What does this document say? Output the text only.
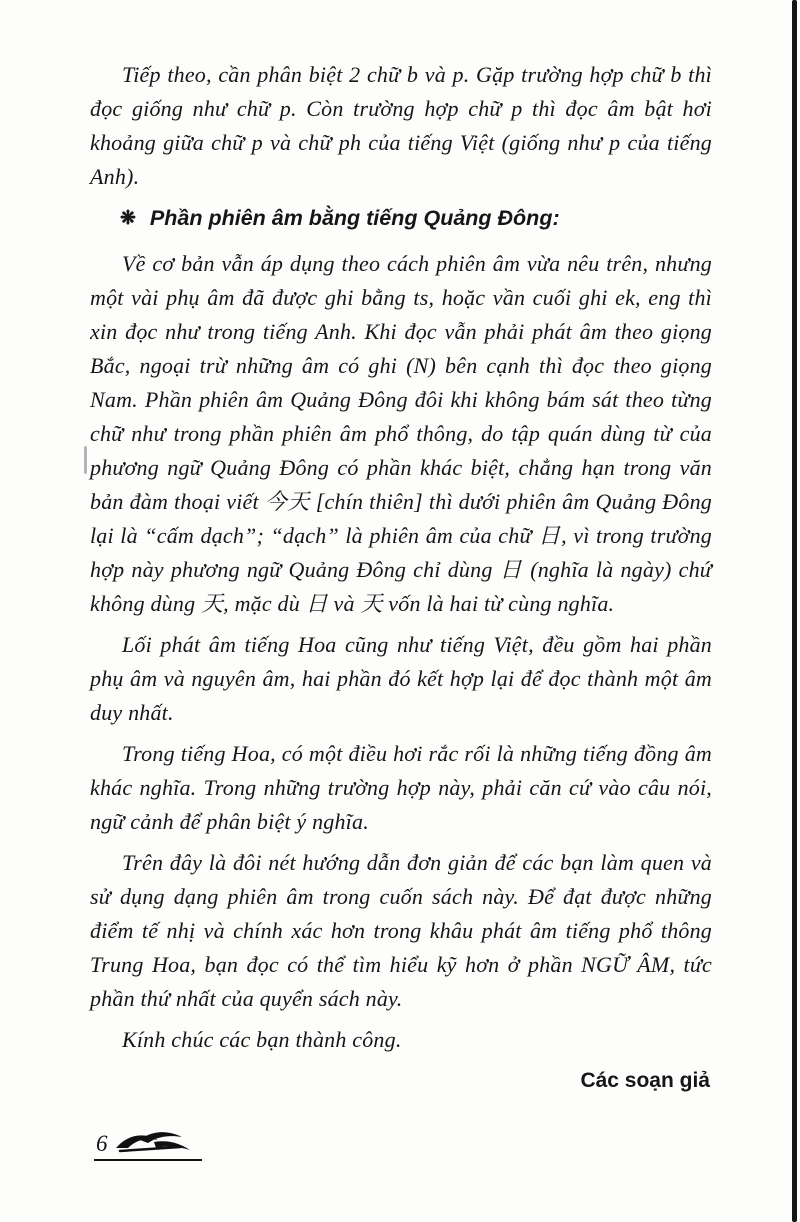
Tiếp theo, cần phân biệt 2 chữ b và p. Gặp trường hợp chữ b thì đọc giống như chữ p. Còn trường hợp chữ p thì đọc âm bật hơi khoảng giữa chữ p và chữ ph của tiếng Việt (giống như p của tiếng Anh).

❋ Phần phiên âm bằng tiếng Quảng Đông:

Về cơ bản vẫn áp dụng theo cách phiên âm vừa nêu trên, nhưng một vài phụ âm đã được ghi bằng ts, hoặc vần cuối ghi ek, eng thì xin đọc như trong tiếng Anh. Khi đọc vẫn phải phát âm theo giọng Bắc, ngoại trừ những âm có ghi (N) bên cạnh thì đọc theo giọng Nam. Phần phiên âm Quảng Đông đôi khi không bám sát theo từng chữ như trong phần phiên âm phổ thông, do tập quán dùng từ của phương ngữ Quảng Đông có phần khác biệt, chẳng hạn trong văn bản đàm thoại viết 今天 [chín thiên] thì dưới phiên âm Quảng Đông lại là “cấm dạch”; “dạch” là phiên âm của chữ 日, vì trong trường hợp này phương ngữ Quảng Đông chỉ dùng 日 (nghĩa là ngày) chứ không dùng 天, mặc dù 日 và 天 vốn là hai từ cùng nghĩa.

Lối phát âm tiếng Hoa cũng như tiếng Việt, đều gồm hai phần phụ âm và nguyên âm, hai phần đó kết hợp lại để đọc thành một âm duy nhất.

Trong tiếng Hoa, có một điều hơi rắc rối là những tiếng đồng âm khác nghĩa. Trong những trường hợp này, phải căn cứ vào câu nói, ngữ cảnh để phân biệt ý nghĩa.

Trên đây là đôi nét hướng dẫn đơn giản để các bạn làm quen và sử dụng dạng phiên âm trong cuốn sách này. Để đạt được những điểm tế nhị và chính xác hơn trong khâu phát âm tiếng phổ thông Trung Hoa, bạn đọc có thể tìm hiểu kỹ hơn ở phần NGỮ ÂM, tức phần thứ nhất của quyển sách này.

Kính chúc các bạn thành công.

Các soạn giả

6
